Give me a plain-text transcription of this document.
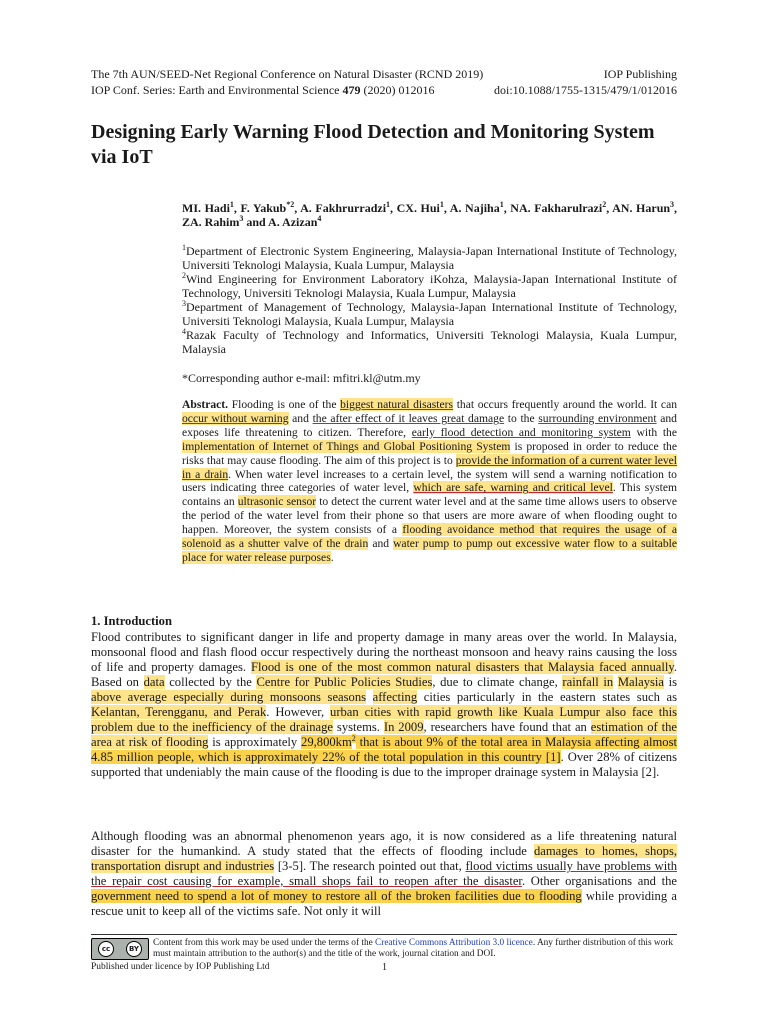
The 7th AUN/SEED-Net Regional Conference on Natural Disaster (RCND 2019)	IOP Publishing
IOP Conf. Series: Earth and Environmental Science 479 (2020) 012016	doi:10.1088/1755-1315/479/1/012016
Designing Early Warning Flood Detection and Monitoring System via IoT
MI. Hadi$^1$, F. Yakub$^{*2}$, A. Fakhrurradzi$^1$, CX. Hui$^1$, A. Najiha$^1$, NA. Fakharulrazi$^2$, AN. Harun$^3$, ZA. Rahim$^3$ and A. Azizan$^4$

$^1$Department of Electronic System Engineering, Malaysia-Japan International Institute of Technology, Universiti Teknologi Malaysia, Kuala Lumpur, Malaysia

$^2$Wind Engineering for Environment Laboratory iKohza, Malaysia-Japan International Institute of Technology, Universiti Teknologi Malaysia, Kuala Lumpur, Malaysia

$^3$Department of Management of Technology, Malaysia-Japan International Institute of Technology, Universiti Teknologi Malaysia, Kuala Lumpur, Malaysia

$^4$Razak Faculty of Technology and Informatics, Universiti Teknologi Malaysia, Kuala Lumpur, Malaysia

*Corresponding author e-mail: mfitri.kl@utm.my
Abstract. Flooding is one of the biggest natural disasters that occurs frequently around the world. It can occur without warning and the after effect of it leaves great damage to the surrounding environment and exposes life threatening to citizen. Therefore, early flood detection and monitoring system with the implementation of Internet of Things and Global Positioning System is proposed in order to reduce the risks that may cause flooding. The aim of this project is to provide the information of a current water level in a drain. When water level increases to a certain level, the system will send a warning notification to users indicating three categories of water level, which are safe, warning and critical level. This system contains an ultrasonic sensor to detect the current water level and at the same time allows users to observe the period of the water level from their phone so that users are more aware of when flooding ought to happen. Moreover, the system consists of a flooding avoidance method that requires the usage of a solenoid as a shutter valve of the drain and water pump to pump out excessive water flow to a suitable place for water release purposes.
1. Introduction

Flood contributes to significant danger in life and property damage in many areas over the world. In Malaysia, monsoonal flood and flash flood occur respectively during the northeast monsoon and heavy rains causing the loss of life and property damages. Flood is one of the most common natural disasters that Malaysia faced annually. Based on data collected by the Centre for Public Policies Studies, due to climate change, rainfall in Malaysia is above average especially during monsoons seasons affecting cities particularly in the eastern states such as Kelantan, Terengganu, and Perak. However, urban cities with rapid growth like Kuala Lumpur also face this problem due to the inefficiency of the drainage systems. In 2009, researchers have found that an estimation of the area at risk of flooding is approximately $29,800km^2$ that is about 9% of the total area in Malaysia affecting almost 4.85 million people, which is approximately 22% of the total population in this country [1]. Over 28% of citizens supported that undeniably the main cause of the flooding is due to the improper drainage system in Malaysia [2].

Although flooding was an abnormal phenomenon years ago, it is now considered as a life threatening natural disaster for the humankind. A study stated that the effects of flooding include damages to homes, shops, transportation disrupt and industries [3-5]. The research pointed out that, flood victims usually have problems with the repair cost causing for example, small shops fail to reopen after the disaster. Other organisations and the government need to spend a lot of money to restore all of the broken facilities due to flooding while providing a rescue unit to keep all of the victims safe. Not only it will

cc	BY
Content from this work may be used under the terms of the Creative Commons Attribution 3.0 licence. Any further distribution of this work must maintain attribution to the author(s) and the title of the work, journal citation and DOI.
Published under licence by IOP Publishing Ltd	1
